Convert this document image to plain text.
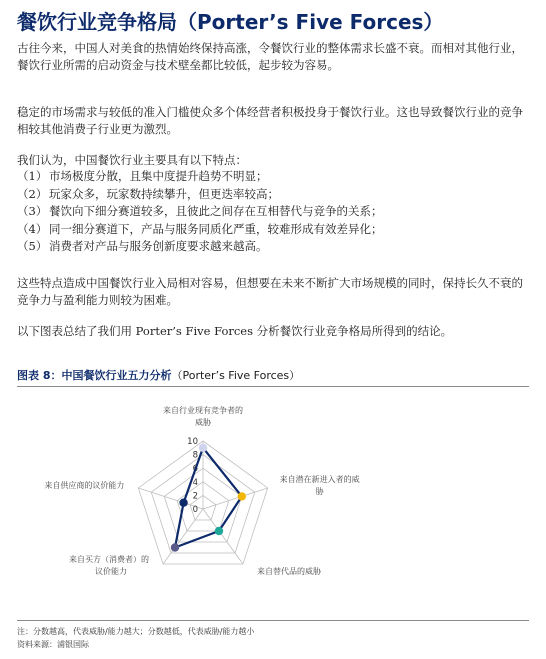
餐饮行业竞争格局（Porter’s Five Forces）

古往今来，中国人对美食的热情始终保持高涨，令餐饮行业的整体需求长盛不衰。而相对其他行业，餐饮行业所需的启动资金与技术壁垒都比较低，起步较为容易。

稳定的市场需求与较低的准入门槛使众多个体经营者积极投身于餐饮行业。这也导致餐饮行业的竞争相较其他消费子行业更为激烈。

我们认为，中国餐饮行业主要具有以下特点：

（1） 市场极度分散，且集中度提升趋势不明显；
（2） 玩家众多，玩家数持续攀升，但更迭率较高；
（3） 餐饮向下细分赛道较多，且彼此之间存在互相替代与竞争的关系；
（4） 同一细分赛道下，产品与服务同质化严重，较难形成有效差异化；
（5） 消费者对产品与服务创新度要求越来越高。

这些特点造成中国餐饮行业入局相对容易，但想要在未来不断扩大市场规模的同时，保持长久不衰的竞争力与盈利能力则较为困难。

以下图表总结了我们用 Porter’s Five Forces 分析餐饮行业竞争格局所得到的结论。

图表 8：中国餐饮行业五力分析（Porter’s Five Forces）

0
2
4
6
8
10
来自行业现有竞争者的威胁
来自潜在新进入者的威胁
来自替代品的威胁
来自买方（消费者）的议价能力
来自供应商的议价能力

注：分数越高，代表威胁/能力越大；分数越低，代表威胁/能力越小

资料来源：浦银国际
